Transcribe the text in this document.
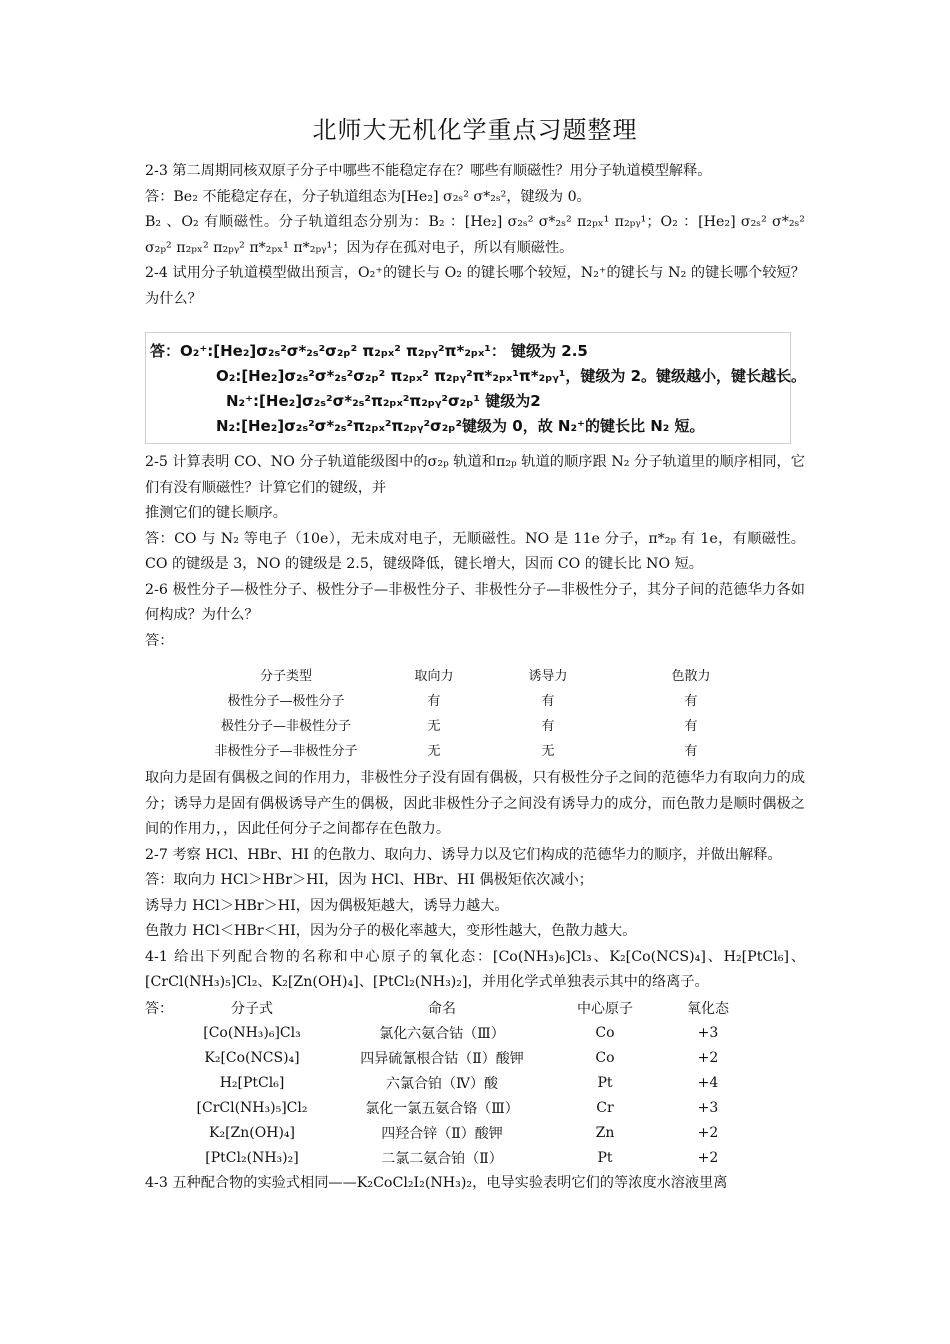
北师大无机化学重点习题整理

2-3 第二周期同核双原子分子中哪些不能稳定存在？哪些有顺磁性？用分子轨道模型解释。

答：Be₂ 不能稳定存在，分子轨道组态为[He₂] σ₂ₛ² σ*₂ₛ²，键级为 0。

B₂ 、O₂ 有顺磁性。分子轨道组态分别为：B₂ ：[He₂] σ₂ₛ² σ*₂ₛ² π₂ₚₓ¹ π₂ₚᵧ¹；O₂ ：[He₂] σ₂ₛ² σ*₂ₛ² σ₂ₚ² π₂ₚₓ² π₂ₚᵧ² π*₂ₚₓ¹ π*₂ₚᵧ¹；因为存在孤对电子，所以有顺磁性。

2-4 试用分子轨道模型做出预言，O₂⁺的键长与 O₂ 的键长哪个较短，N₂⁺的键长与 N₂ 的键长哪个较短？为什么？

答：O₂⁺:[He₂]σ₂ₛ²σ*₂ₛ²σ₂ₚ² π₂ₚₓ² π₂ₚᵧ²π*₂ₚₓ¹： 键级为 2.5
O₂:[He₂]σ₂ₛ²σ*₂ₛ²σ₂ₚ² π₂ₚₓ² π₂ₚᵧ²π*₂ₚₓ¹π*₂ₚᵧ¹，键级为 2。键级越小，键长越长。
N₂⁺:[He₂]σ₂ₛ²σ*₂ₛ²π₂ₚₓ²π₂ₚᵧ²σ₂ₚ¹ 键级为2
N₂:[He₂]σ₂ₛ²σ*₂ₛ²π₂ₚₓ²π₂ₚᵧ²σ₂ₚ²键级为 0，故 N₂⁺的键长比 N₂ 短。

2-5 计算表明 CO、NO 分子轨道能级图中的σ₂ₚ 轨道和π₂ₚ 轨道的顺序跟 N₂ 分子轨道里的顺序相同，它们有没有顺磁性？计算它们的键级，并

推测它们的键长顺序。

答：CO 与 N₂ 等电子（10e），无未成对电子，无顺磁性。NO 是 11e 分子，π*₂ₚ 有 1e，有顺磁性。CO 的键级是 3，NO 的键级是 2.5，键级降低，键长增大，因而 CO 的键长比 NO 短。

2-6 极性分子—极性分子、极性分子—非极性分子、非极性分子—非极性分子，其分子间的范德华力各如何构成？为什么？

答：

分子类型	取向力	诱导力	色散力
极性分子—极性分子	有	有	有
极性分子—非极性分子	无	有	有
非极性分子—非极性分子	无	无	有

取向力是固有偶极之间的作用力，非极性分子没有固有偶极，只有极性分子之间的范德华力有取向力的成分；诱导力是固有偶极诱导产生的偶极，因此非极性分子之间没有诱导力的成分，而色散力是顺时偶极之间的作用力，，因此任何分子之间都存在色散力。

2-7 考察 HCl、HBr、HI 的色散力、取向力、诱导力以及它们构成的范德华力的顺序，并做出解释。

答：取向力 HCl＞HBr＞HI，因为 HCl、HBr、HI 偶极矩依次减小；

诱导力 HCl＞HBr＞HI，因为偶极矩越大，诱导力越大。

色散力 HCl＜HBr＜HI，因为分子的极化率越大，变形性越大，色散力越大。

4-1 给出下列配合物的名称和中心原子的氧化态：[Co(NH₃)₆]Cl₃、K₂[Co(NCS)₄]、H₂[PtCl₆]、[CrCl(NH₃)₅]Cl₂、K₂[Zn(OH)₄]、[PtCl₂(NH₃)₂]，并用化学式单独表示其中的络离子。

答：	分子式	命名	中心原子	氧化态
	[Co(NH₃)₆]Cl₃	氯化六氨合钴（Ⅲ）	Co	+3
	K₂[Co(NCS)₄]	四异硫氰根合钴（Ⅱ）酸钾	Co	+2
	H₂[PtCl₆]	六氯合铂（Ⅳ）酸	Pt	+4
	[CrCl(NH₃)₅]Cl₂	氯化一氯五氨合铬（Ⅲ）	Cr	+3
	K₂[Zn(OH)₄]	四羟合锌（Ⅱ）酸钾	Zn	+2
	[PtCl₂(NH₃)₂]	二氯二氨合铂（Ⅱ）	Pt	+2

4-3 五种配合物的实验式相同——K₂CoCl₂I₂(NH₃)₂，电导实验表明它们的等浓度水溶液里离
